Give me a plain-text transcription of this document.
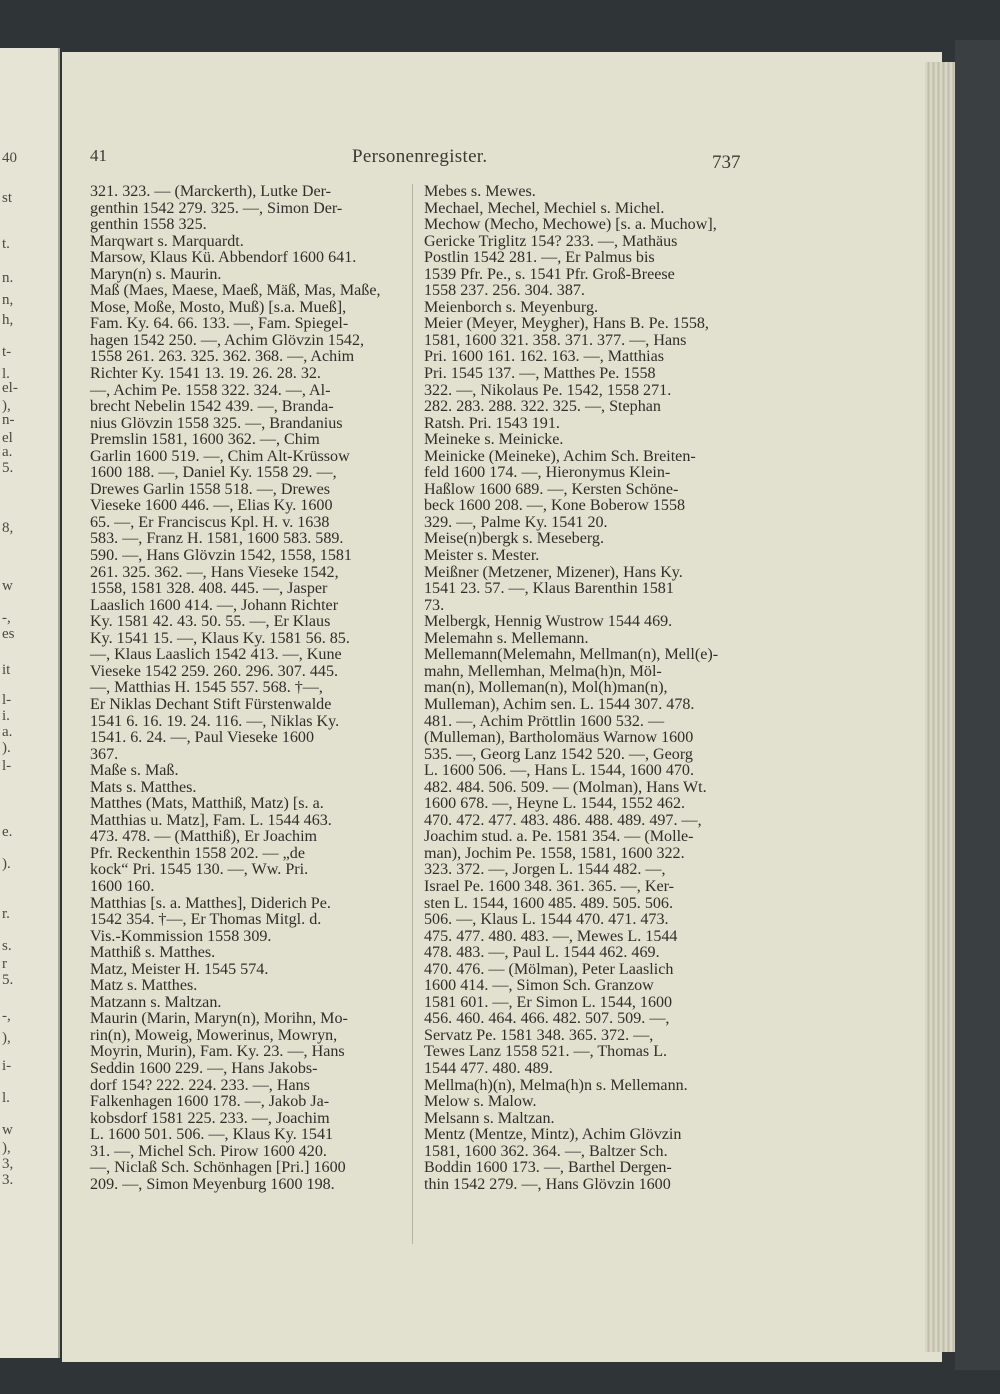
41	Personenregister.	737
40
st
t.
n.
n,
h,
t-
l.
el-
),
n-
el
a.
5.
8,
w
-,
es
it
l-
i.
a.
).
l-
e.
).
r.
s.
r
5.
-,
),
i-
l.
w
),
3,
3.
321. 323. — (Marckerth), Lutke Der-
genthin 1542 279. 325. —, Simon Der-
genthin 1558 325.
Marqwart s. Marquardt.
Marsow, Klaus Kü. Abbendorf 1600 641.
Maryn(n) s. Maurin.
Maß (Maes, Maese, Maeß, Mäß, Mas, Maße,
Mose, Moße, Mosto, Muß) [s.a. Mueß],
Fam. Ky. 64. 66. 133. —, Fam. Spiegel-
hagen 1542 250. —, Achim Glövzin 1542,
1558 261. 263. 325. 362. 368. —, Achim
Richter Ky. 1541 13. 19. 26. 28. 32.
—, Achim Pe. 1558 322. 324. —, Al-
brecht Nebelin 1542 439. —, Branda-
nius Glövzin 1558 325. —, Brandanius
Premslin 1581, 1600 362. —, Chim
Garlin 1600 519. —, Chim Alt-Krüssow
1600 188. —, Daniel Ky. 1558 29. —,
Drewes Garlin 1558 518. —, Drewes
Vieseke 1600 446. —, Elias Ky. 1600
65. —, Er Franciscus Kpl. H. v. 1638
583. —, Franz H. 1581, 1600 583. 589.
590. —, Hans Glövzin 1542, 1558, 1581
261. 325. 362. —, Hans Vieseke 1542,
1558, 1581 328. 408. 445. —, Jasper
Laaslich 1600 414. —, Johann Richter
Ky. 1581 42. 43. 50. 55. —, Er Klaus
Ky. 1541 15. —, Klaus Ky. 1581 56. 85.
—, Klaus Laaslich 1542 413. —, Kune
Vieseke 1542 259. 260. 296. 307. 445.
—, Matthias H. 1545 557. 568. †—,
Er Niklas Dechant Stift Fürstenwalde
1541 6. 16. 19. 24. 116. —, Niklas Ky.
1541. 6. 24. —, Paul Vieseke 1600
367.
Maße s. Maß.
Mats s. Matthes.
Matthes (Mats, Matthiß, Matz) [s. a.
Matthias u. Matz], Fam. L. 1544 463.
473. 478. — (Matthiß), Er Joachim
Pfr. Reckenthin 1558 202. — „de
kock“ Pri. 1545 130. —, Ww. Pri.
1600 160.
Matthias [s. a. Matthes], Diderich Pe.
1542 354. †—, Er Thomas Mitgl. d.
Vis.-Kommission 1558 309.
Matthiß s. Matthes.
Matz, Meister H. 1545 574.
Matz s. Matthes.
Matzann s. Maltzan.
Maurin (Marin, Maryn(n), Morihn, Mo-
rin(n), Moweig, Mowerinus, Mowryn,
Moyrin, Murin), Fam. Ky. 23. —, Hans
Seddin 1600 229. —, Hans Jakobs-
dorf 154? 222. 224. 233. —, Hans
Falkenhagen 1600 178. —, Jakob Ja-
kobsdorf 1581 225. 233. —, Joachim
L. 1600 501. 506. —, Klaus Ky. 1541
31. —, Michel Sch. Pirow 1600 420.
—, Niclaß Sch. Schönhagen [Pri.] 1600
209. —, Simon Meyenburg 1600 198.
Mebes s. Mewes.
Mechael, Mechel, Mechiel s. Michel.
Mechow (Mecho, Mechowe) [s. a. Muchow],
Gericke Triglitz 154? 233. —, Mathäus
Postlin 1542 281. —, Er Palmus bis
1539 Pfr. Pe., s. 1541 Pfr. Groß-Breese
1558 237. 256. 304. 387.
Meienborch s. Meyenburg.
Meier (Meyer, Meygher), Hans B. Pe. 1558,
1581, 1600 321. 358. 371. 377. —, Hans
Pri. 1600 161. 162. 163. —, Matthias
Pri. 1545 137. —, Matthes Pe. 1558
322. —, Nikolaus Pe. 1542, 1558 271.
282. 283. 288. 322. 325. —, Stephan
Ratsh. Pri. 1543 191.
Meineke s. Meinicke.
Meinicke (Meineke), Achim Sch. Breiten-
feld 1600 174. —, Hieronymus Klein-
Haßlow 1600 689. —, Kersten Schöne-
beck 1600 208. —, Kone Boberow 1558
329. —, Palme Ky. 1541 20.
Meise(n)bergk s. Meseberg.
Meister s. Mester.
Meißner (Metzener, Mizener), Hans Ky.
1541 23. 57. —, Klaus Barenthin 1581
73.
Melbergk, Hennig Wustrow 1544 469.
Melemahn s. Mellemann.
Mellemann(Melemahn, Mellman(n), Mell(e)-
mahn, Mellemhan, Melma(h)n, Möl-
man(n), Molleman(n), Mol(h)man(n),
Mulleman), Achim sen. L. 1544 307. 478.
481. —, Achim Pröttlin 1600 532. —
(Mulleman), Bartholomäus Warnow 1600
535. —, Georg Lanz 1542 520. —, Georg
L. 1600 506. —, Hans L. 1544, 1600 470.
482. 484. 506. 509. — (Molman), Hans Wt.
1600 678. —, Heyne L. 1544, 1552 462.
470. 472. 477. 483. 486. 488. 489. 497. —,
Joachim stud. a. Pe. 1581 354. — (Molle-
man), Jochim Pe. 1558, 1581, 1600 322.
323. 372. —, Jorgen L. 1544 482. —,
Israel Pe. 1600 348. 361. 365. —, Ker-
sten L. 1544, 1600 485. 489. 505. 506.
506. —, Klaus L. 1544 470. 471. 473.
475. 477. 480. 483. —, Mewes L. 1544
478. 483. —, Paul L. 1544 462. 469.
470. 476. — (Mölman), Peter Laaslich
1600 414. —, Simon Sch. Granzow
1581 601. —, Er Simon L. 1544, 1600
456. 460. 464. 466. 482. 507. 509. —,
Servatz Pe. 1581 348. 365. 372. —,
Tewes Lanz 1558 521. —, Thomas L.
1544 477. 480. 489.
Mellma(h)(n), Melma(h)n s. Mellemann.
Melow s. Malow.
Melsann s. Maltzan.
Mentz (Mentze, Mintz), Achim Glövzin
1581, 1600 362. 364. —, Baltzer Sch.
Boddin 1600 173. —, Barthel Dergen-
thin 1542 279. —, Hans Glövzin 1600
